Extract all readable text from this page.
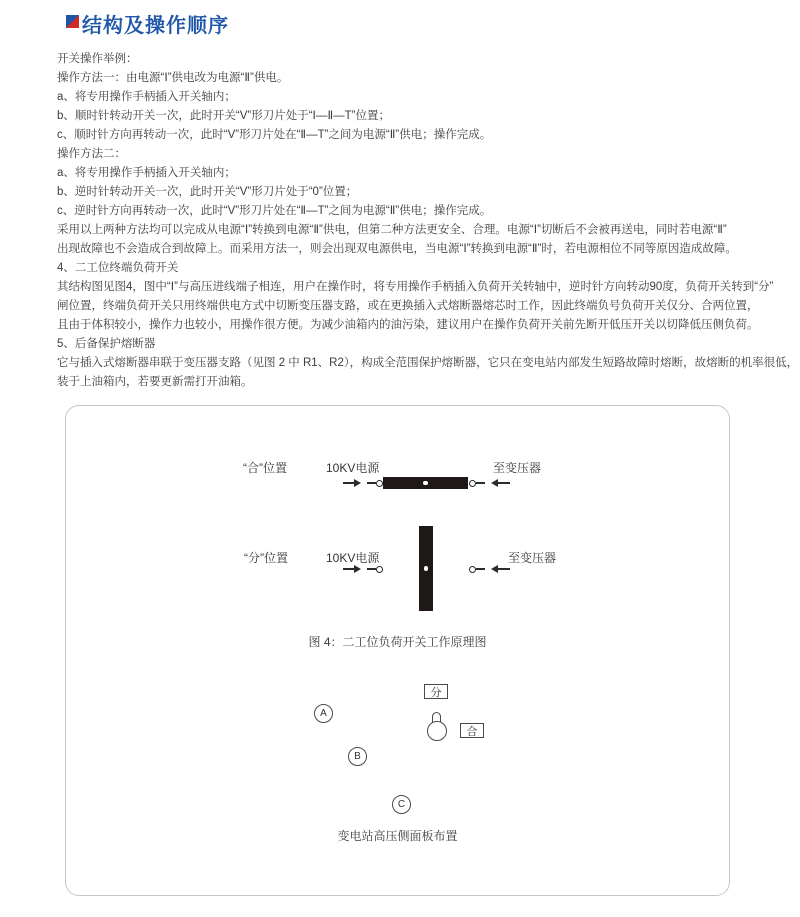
结构及操作顺序
开关操作举例：
操作方法一：由电源“Ⅰ”供电改为电源“Ⅱ”供电。
a、将专用操作手柄插入开关轴内；
b、顺时针转动开关一次，此时开关“V”形刀片处于“Ⅰ—Ⅱ—T”位置；
c、顺时针方向再转动一次，此时“V”形刀片处在“Ⅱ—T”之间为电源“Ⅱ”供电；操作完成。
操作方法二：
a、将专用操作手柄插入开关轴内；
b、逆时针转动开关一次，此时开关“V”形刀片处于“0”位置；
c、逆时针方向再转动一次，此时“V”形刀片处在“Ⅱ—T”之间为电源“Ⅱ”供电；操作完成。
采用以上两种方法均可以完成从电源“Ⅰ”转换到电源“Ⅱ”供电，但第二种方法更安全、合理。电源“Ⅰ”切断后不会被再送电，同时若电源“Ⅱ”
出现故障也不会造成合到故障上。而采用方法一，则会出现双电源供电，当电源“Ⅰ”转换到电源“Ⅱ”时，若电源相位不同等原因造成故障。
4、二工位终端负荷开关
其结构图见图4，图中“Ⅰ”与高压进线端子相连，用户在操作时，将专用操作手柄插入负荷开关转轴中，逆时针方向转动90度，负荷开关转到“分”
闸位置，终端负荷开关只用终端供电方式中切断变压器支路，或在更换插入式熔断器熔芯时工作，因此终端负号负荷开关仅分、合两位置，
且由于体积较小，操作力也较小，用操作很方便。为减少油箱内的油污染，建议用户在操作负荷开关前先断开低压开关以切降低压侧负荷。
5、后备保护熔断器
它与插入式熔断器串联于变压器支路（见图 2 中 R1、R2），构成全范围保护熔断器，它只在变电站内部发生短路故障时熔断，故熔断的机率很低，
装于上油箱内，若要更新需打开油箱。
“合”位置	10KV电源	至变压器
“分”位置	10KV电源	至变压器
图 4：二工位负荷开关工作原理图
分
A
合
B
C
变电站高压侧面板布置
